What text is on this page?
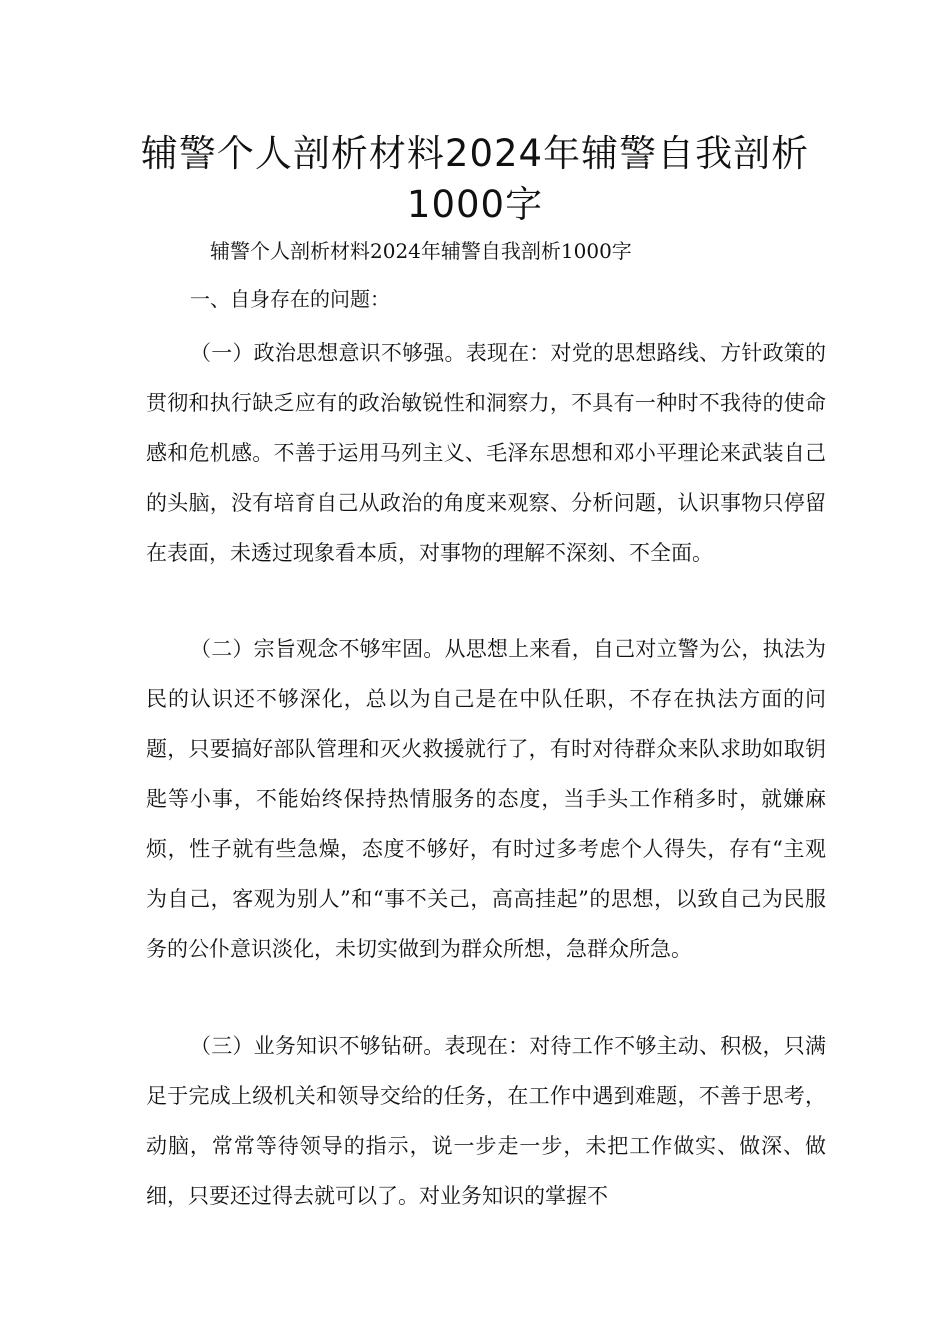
辅警个人剖析材料2024年辅警自我剖析1000字

辅警个人剖析材料2024年辅警自我剖析1000字

一、自身存在的问题：

（一）政治思想意识不够强。表现在：对党的思想路线、方针政策的贯彻和执行缺乏应有的政治敏锐性和洞察力，不具有一种时不我待的使命感和危机感。不善于运用马列主义、毛泽东思想和邓小平理论来武装自己的头脑，没有培育自己从政治的角度来观察、分析问题，认识事物只停留在表面，未透过现象看本质，对事物的理解不深刻、不全面。

（二）宗旨观念不够牢固。从思想上来看，自己对立警为公，执法为民的认识还不够深化，总以为自己是在中队任职，不存在执法方面的问题，只要搞好部队管理和灭火救援就行了，有时对待群众来队求助如取钥匙等小事，不能始终保持热情服务的态度，当手头工作稍多时，就嫌麻烦，性子就有些急燥，态度不够好，有时过多考虑个人得失，存有“主观为自己，客观为别人”和“事不关己，高高挂起”的思想，以致自己为民服务的公仆意识淡化，未切实做到为群众所想，急群众所急。

（三）业务知识不够钻研。表现在：对待工作不够主动、积极，只满足于完成上级机关和领导交给的任务，在工作中遇到难题，不善于思考，动脑，常常等待领导的指示，说一步走一步，未把工作做实、做深、做细，只要还过得去就可以了。对业务知识的掌握不
